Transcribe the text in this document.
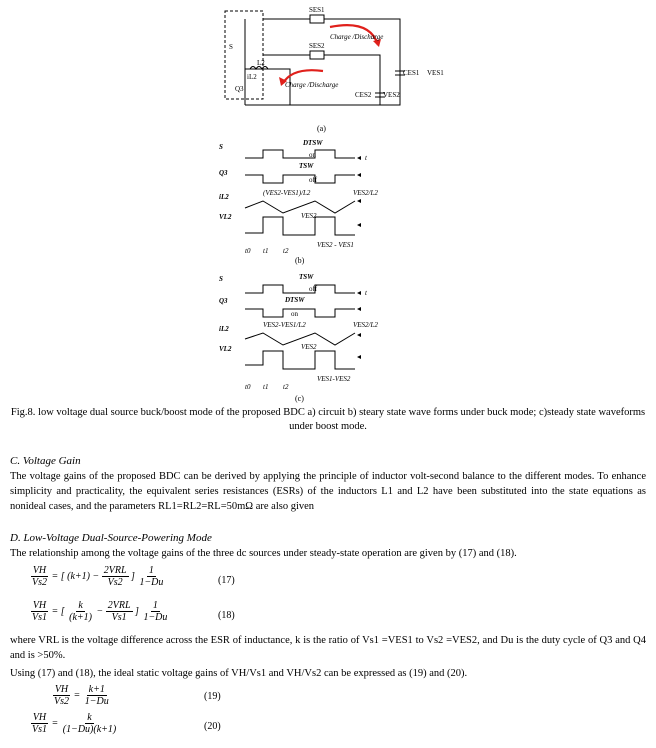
S
SES1
SES2
L2
iL2
Q3
Charge /Discharge
Charge /Discharge
CES1 VES1
CES2 VES2
(a)
S
Q3
iL2
VL2
DTSW
on
TSW
off
(VES2-VES1)/L2	VES2/L2
VES2
VES2 - VES1
t
t0 t1 t2
(b)
S
Q3
iL2
VL2
TSW
off
DTSW
on
VES2-VES1/L2	VES2/L2
VES2
VES1-VES2
t
t0 t1 t2
(c)
Fig.8. low voltage dual source buck/boost mode of the proposed BDC a) circuit b) steary state wave forms under buck mode; c)steady state waveforms under boost mode.
C. Voltage Gain
The voltage gains of the proposed BDC can be derived by applying the principle of inductor volt-second balance to the different modes. To enhance simplicity and practicality, the equivalent series resistances (ESRs) of the inductors L1 and L2 have been substituted into the state equations as nonideal cases, and the parameters RL1=RL2=RL=50mΩ are also given
D. Low-Voltage Dual-Source-Powering Mode
The relationship among the voltage gains of the three dc sources under steady-state operation are given by (17) and (18).
$\frac{VH}{Vs2}$ = [ $(k+1) - \frac{\text{2VRL}}{Vs2}$ ] $\frac{1}{1-Du}$	(17)
$\frac{VH}{Vs1}$ = [ $\frac{k}{(k+1)} - \frac{\text{2VRL}}{Vs1}$ ] $\frac{1}{1-Du}$	(18)
where VRL is the voltage difference across the ESR of inductance, k is the ratio of Vs1 =VES1 to Vs2 =VES2, and Du is the duty cycle of Q3 and Q4 and is >50%.
Using (17) and (18), the ideal static voltage gains of VH/Vs1 and VH/Vs2 can be expressed as (19) and (20).
$\frac{VH}{Vs2} = \frac{k+1}{1-Du}$	(19)
$\frac{VH}{Vs1} = \frac{k}{(1-Du)(k+1)}$	(20)
